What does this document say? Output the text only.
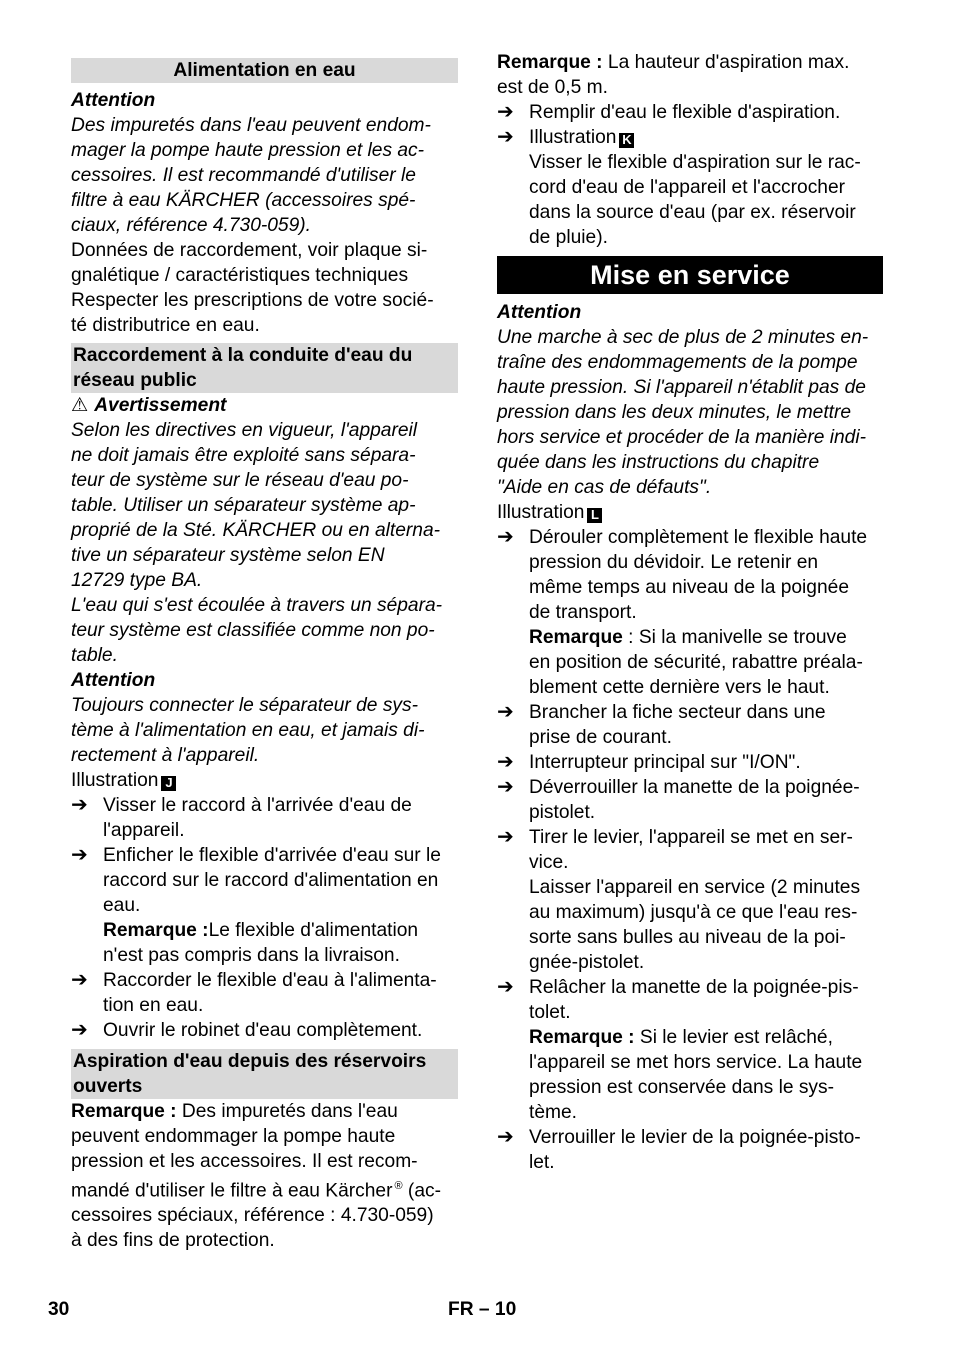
Alimentation en eau
Attention
Des impuretés dans l'eau peuvent endom-
mager la pompe haute pression et les ac-
cessoires. Il est recommandé d'utiliser le
filtre à eau KÄRCHER (accessoires spé-
ciaux, référence 4.730-059).
Données de raccordement, voir plaque si-
gnalétique / caractéristiques techniques
Respecter les prescriptions de votre socié-
té distributrice en eau.
Raccordement à la conduite d'eau du
réseau public
⚠ Avertissement
Selon les directives en vigueur, l'appareil
ne doit jamais être exploité sans sépara-
teur de système sur le réseau d'eau po-
table. Utiliser un séparateur système ap-
proprié de la Sté. KÄRCHER ou en alterna-
tive un séparateur système selon EN
12729 type BA.
L'eau qui s'est écoulée à travers un sépara-
teur système est classifiée comme non po-
table.
Attention
Toujours connecter le séparateur de sys-
tème à l'alimentation en eau, et jamais di-
rectement à l'appareil.
Illustration J
➔ Visser le raccord à l'arrivée d'eau de
l'appareil.
➔ Enficher le flexible d'arrivée d'eau sur le
raccord sur le raccord d'alimentation en
eau.
Remarque :Le flexible d'alimentation
n'est pas compris dans la livraison.
➔ Raccorder le flexible d'eau à l'alimenta-
tion en eau.
➔ Ouvrir le robinet d'eau complètement.
Aspiration d'eau depuis des réservoirs
ouverts
Remarque : Des impuretés dans l'eau
peuvent endommager la pompe haute
pression et les accessoires. Il est recom-
mandé d'utiliser le filtre à eau Kärcher ® (ac-
cessoires spéciaux, référence : 4.730-059)
à des fins de protection.
Remarque : La hauteur d'aspiration max.
est de 0,5 m.
➔ Remplir d'eau le flexible d'aspiration.
➔ Illustration K
Visser le flexible d'aspiration sur le rac-
cord d'eau de l'appareil et l'accrocher
dans la source d'eau (par ex. réservoir
de pluie).
Mise en service
Attention
Une marche à sec de plus de 2 minutes en-
traîne des endommagements de la pompe
haute pression. Si l'appareil n'établit pas de
pression dans les deux minutes, le mettre
hors service et procéder de la manière indi-
quée dans les instructions du chapitre
"Aide en cas de défauts".
Illustration L
➔ Dérouler complètement le flexible haute
pression du dévidoir. Le retenir en
même temps au niveau de la poignée
de transport.
Remarque : Si la manivelle se trouve
en position de sécurité, rabattre préala-
blement cette dernière vers le haut.
➔ Brancher la fiche secteur dans une
prise de courant.
➔ Interrupteur principal sur "I/ON".
➔ Déverrouiller la manette de la poignée-
pistolet.
➔ Tirer le levier, l'appareil se met en ser-
vice.
Laisser l'appareil en service (2 minutes
au maximum) jusqu'à ce que l'eau res-
sorte sans bulles au niveau de la poi-
gnée-pistolet.
➔ Relâcher la manette de la poignée-pis-
tolet.
Remarque : Si le levier est relâché,
l'appareil se met hors service. La haute
pression est conservée dans le sys-
tème.
➔ Verrouiller le levier de la poignée-pisto-
let.
30	FR – 10
